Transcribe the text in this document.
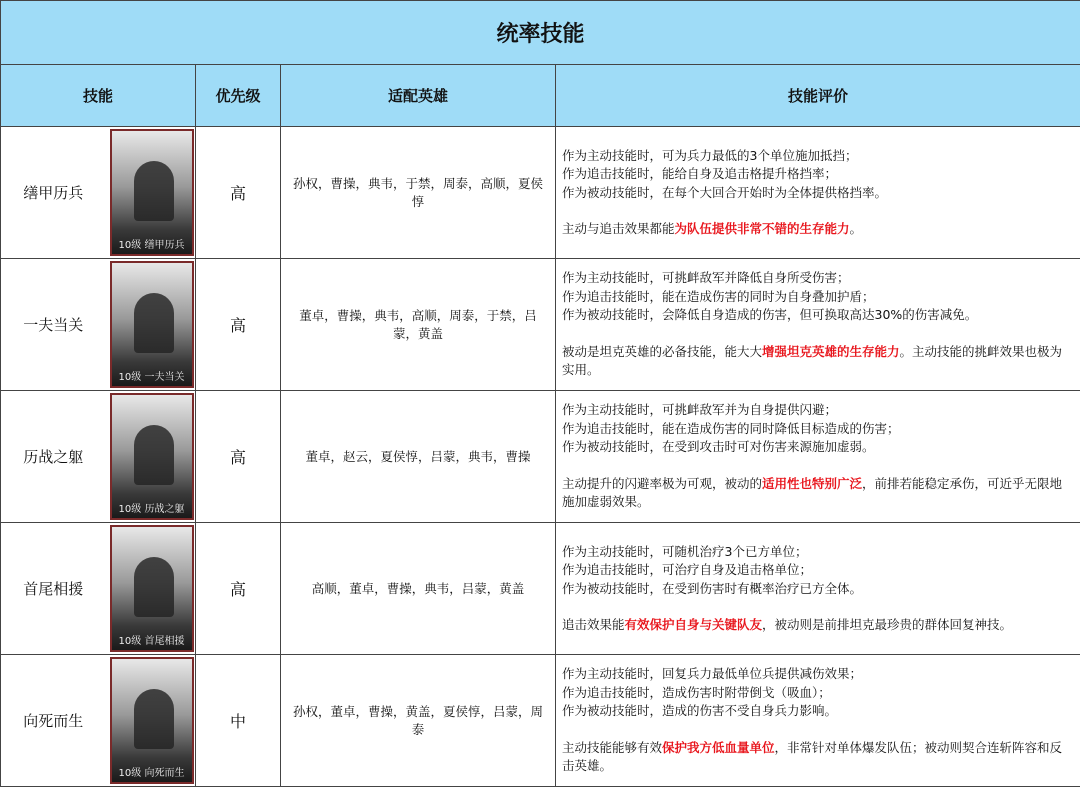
统率技能				
技能		优先级	适配英雄	技能评价
缮甲历兵	10级 缮甲历兵	高	孙权，曹操，典韦，于禁，周泰，高顺，夏侯惇	作为主动技能时，可为兵力最低的3个单位施加抵挡；
作为追击技能时，能给自身及追击格提升格挡率；
作为被动技能时，在每个大回合开始时为全体提供格挡率。
主动与追击效果都能为队伍提供非常不错的生存能力。

一夫当关	10级 一夫当关	高	董卓，曹操，典韦，高顺，周泰，于禁，吕蒙，黄盖	作为主动技能时，可挑衅敌军并降低自身所受伤害；
作为追击技能时，能在造成伤害的同时为自身叠加护盾；
作为被动技能时，会降低自身造成的伤害，但可换取高达30%的伤害减免。
被动是坦克英雄的必备技能，能大大增强坦克英雄的生存能力。主动技能的挑衅效果也极为实用。

历战之躯	10级 历战之躯	高	董卓，赵云，夏侯惇，吕蒙，典韦，曹操	作为主动技能时，可挑衅敌军并为自身提供闪避；
作为追击技能时，能在造成伤害的同时降低目标造成的伤害；
作为被动技能时，在受到攻击时可对伤害来源施加虚弱。
主动提升的闪避率极为可观，被动的适用性也特别广泛，前排若能稳定承伤，可近乎无限地施加虚弱效果。

首尾相援	10级 首尾相援	高	高顺，董卓，曹操，典韦，吕蒙，黄盖	作为主动技能时，可随机治疗3个已方单位；
作为追击技能时，可治疗自身及追击格单位；
作为被动技能时，在受到伤害时有概率治疗已方全体。
追击效果能有效保护自身与关键队友，被动则是前排坦克最珍贵的群体回复神技。

向死而生	10级 向死而生	中	孙权，董卓，曹操，黄盖，夏侯惇，吕蒙，周泰	作为主动技能时，回复兵力最低单位兵提供减伤效果；
作为追击技能时，造成伤害时附带倒戈（吸血）；
作为被动技能时，造成的伤害不受自身兵力影响。
主动技能能够有效保护我方低血量单位，非常针对单体爆发队伍；被动则契合连斩阵容和反击英雄。
